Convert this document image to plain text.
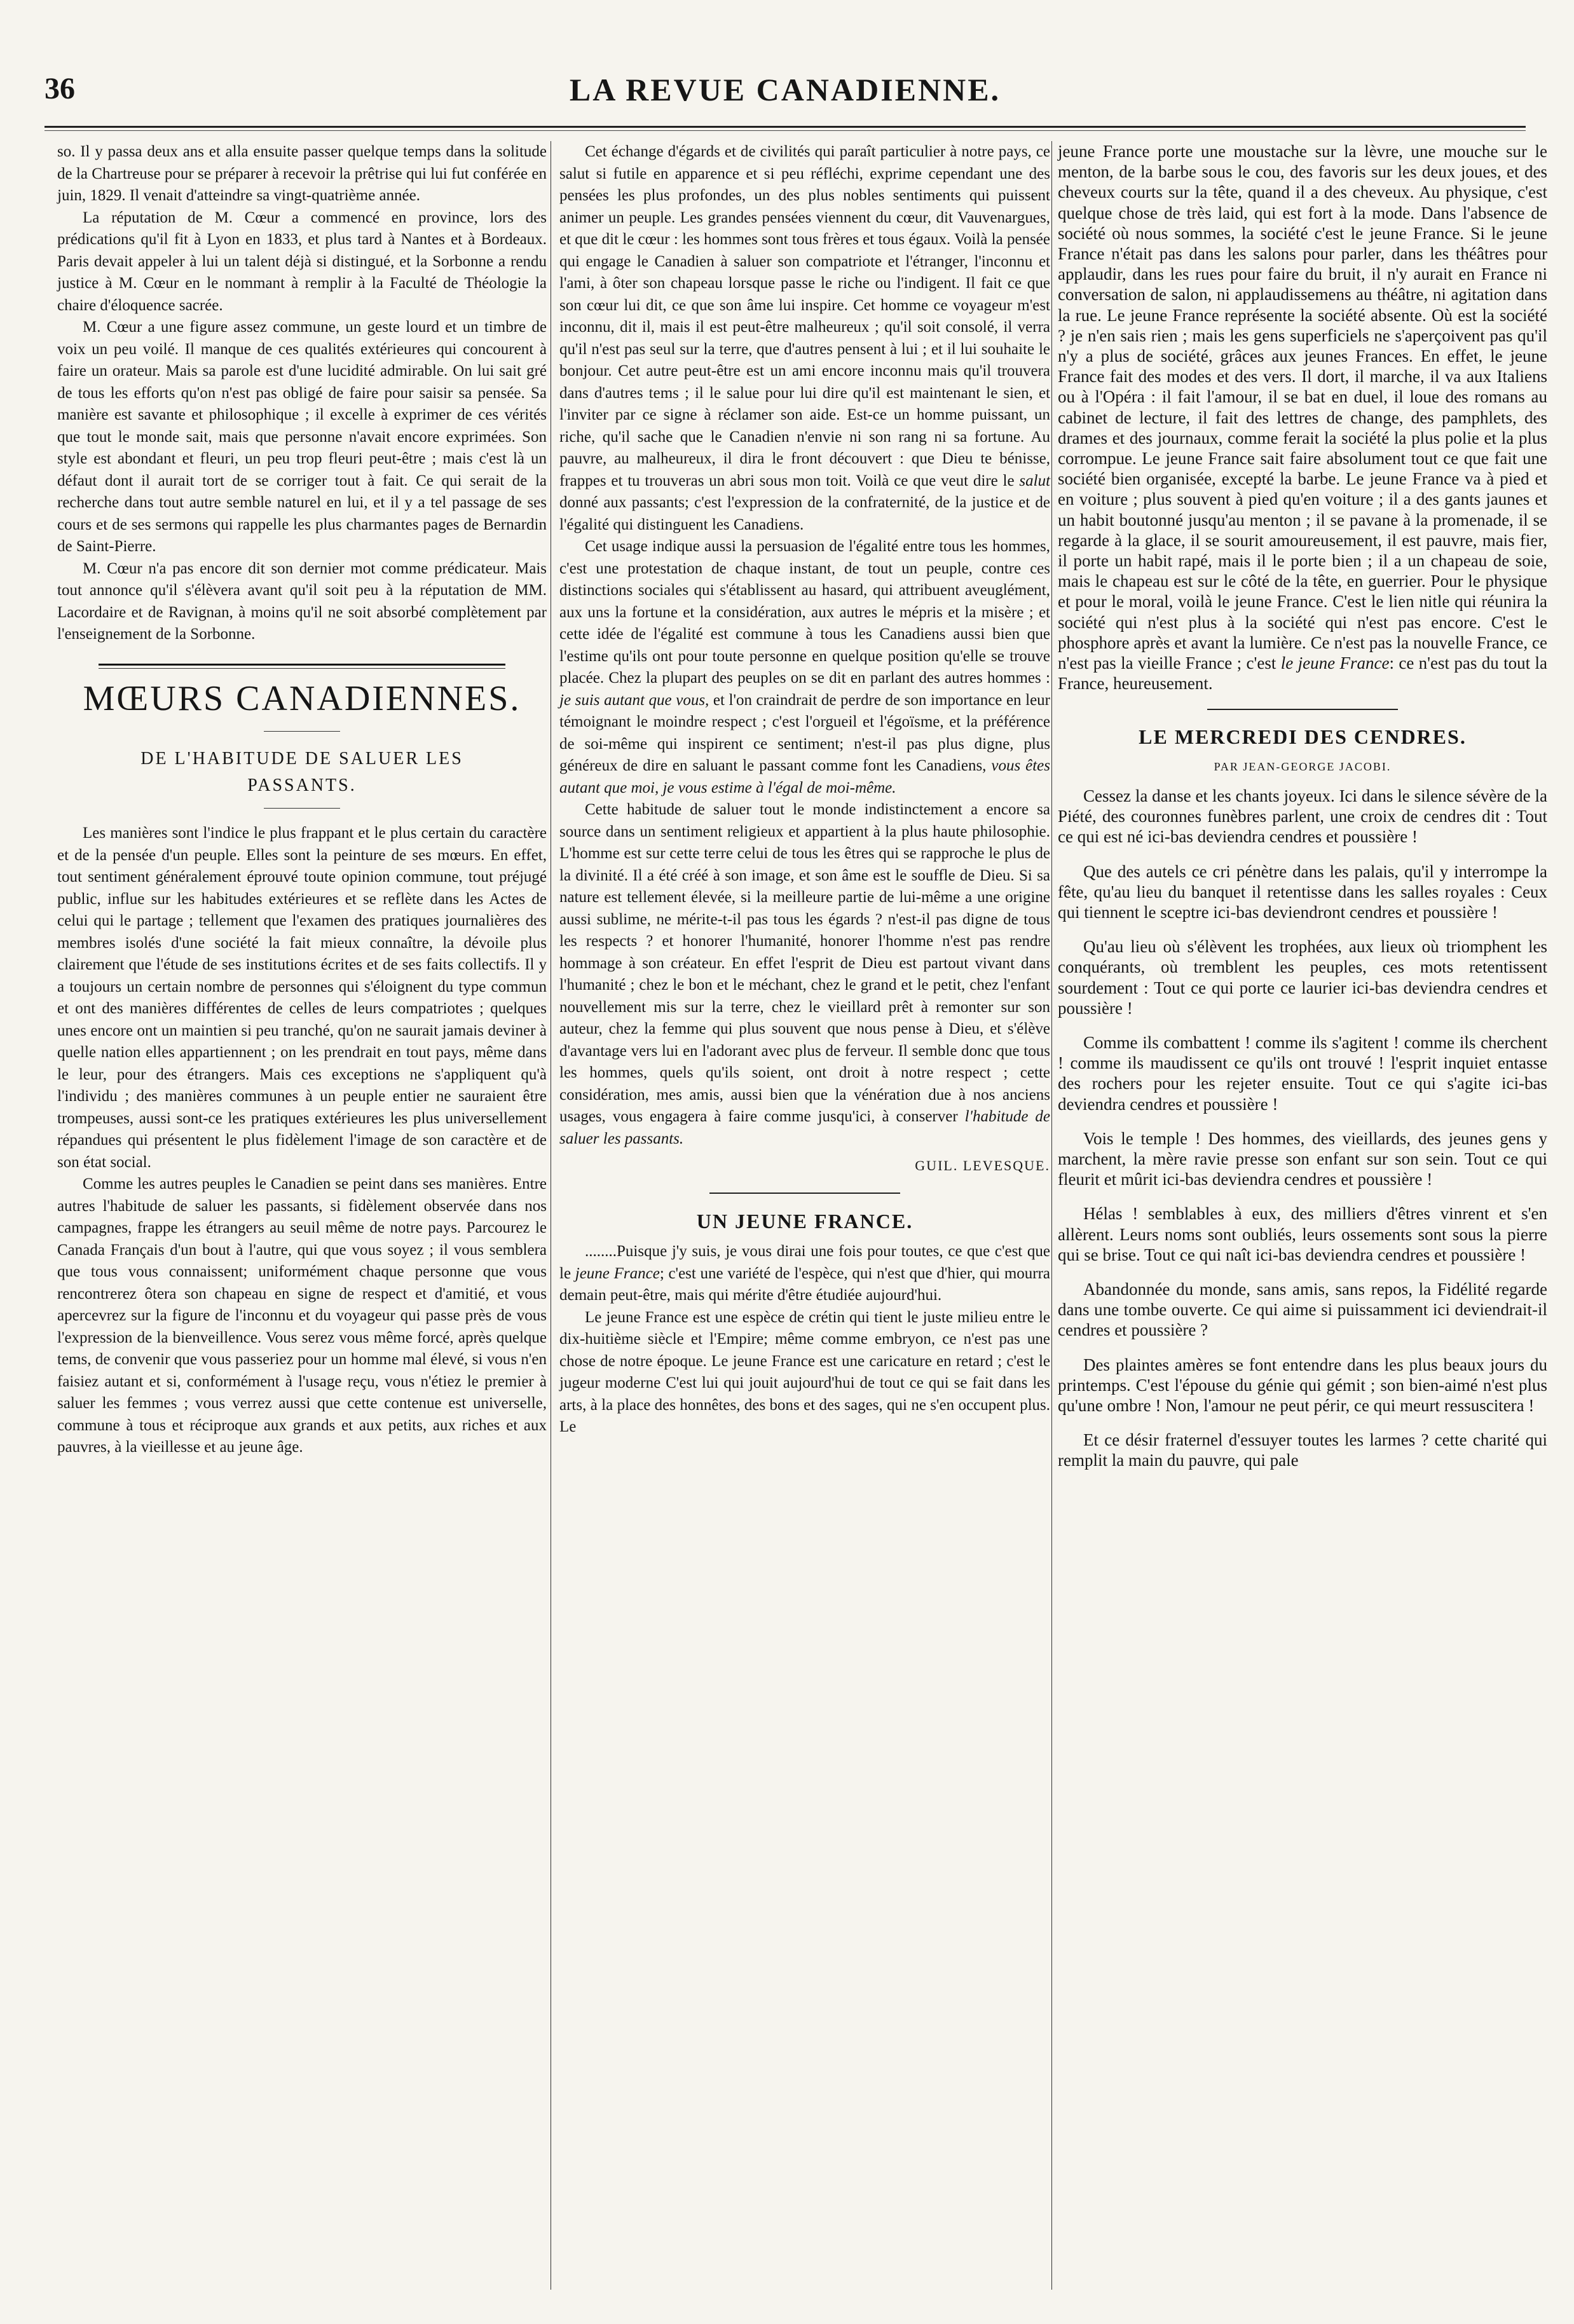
36	LA REVUE CANADIENNE.

so. Il y passa deux ans et alla ensuite passer quelque temps dans la solitude de la Chartreuse pour se préparer à recevoir la prêtrise qui lui fut conférée en juin, 1829. Il venait d'atteindre sa vingt-quatrième année.

La réputation de M. Cœur a commencé en province, lors des prédications qu'il fit à Lyon en 1833, et plus tard à Nantes et à Bordeaux. Paris devait appeler à lui un talent déjà si distingué, et la Sorbonne a rendu justice à M. Cœur en le nommant à remplir à la Faculté de Théologie la chaire d'éloquence sacrée.

M. Cœur a une figure assez commune, un geste lourd et un timbre de voix un peu voilé. Il manque de ces qualités extérieures qui concourent à faire un orateur. Mais sa parole est d'une lucidité admirable. On lui sait gré de tous les efforts qu'on n'est pas obligé de faire pour saisir sa pensée. Sa manière est savante et philosophique ; il excelle à exprimer de ces vérités que tout le monde sait, mais que personne n'avait encore exprimées. Son style est abondant et fleuri, un peu trop fleuri peut-être ; mais c'est là un défaut dont il aurait tort de se corriger tout à fait. Ce qui serait de la recherche dans tout autre semble naturel en lui, et il y a tel passage de ses cours et de ses sermons qui rappelle les plus charmantes pages de Bernardin de Saint-Pierre.

M. Cœur n'a pas encore dit son dernier mot comme prédicateur. Mais tout annonce qu'il s'élèvera avant qu'il soit peu à la réputation de MM. Lacordaire et de Ravignan, à moins qu'il ne soit absorbé complètement par l'enseignement de la Sorbonne.

MŒURS CANADIENNES.
DE L'HABITUDE DE SALUER LES
PASSANTS.

Les manières sont l'indice le plus frappant et le plus certain du caractère et de la pensée d'un peuple. Elles sont la peinture de ses mœurs. En effet, tout sentiment généralement éprouvé toute opinion commune, tout préjugé public, influe sur les habitudes extérieures et se reflète dans les Actes de celui qui le partage ; tellement que l'examen des pratiques journalières des membres isolés d'une société la fait mieux connaître, la dévoile plus clairement que l'étude de ses institutions écrites et de ses faits collectifs. Il y a toujours un certain nombre de personnes qui s'éloignent du type commun et ont des manières différentes de celles de leurs compatriotes ; quelques unes encore ont un maintien si peu tranché, qu'on ne saurait jamais deviner à quelle nation elles appartiennent ; on les prendrait en tout pays, même dans le leur, pour des étrangers. Mais ces exceptions ne s'appliquent qu'à l'individu ; des manières communes à un peuple entier ne sauraient être trompeuses, aussi sont-ce les pratiques extérieures les plus universellement répandues qui présentent le plus fidèlement l'image de son caractère et de son état social.

Comme les autres peuples le Canadien se peint dans ses manières. Entre autres l'habitude de saluer les passants, si fidèlement observée dans nos campagnes, frappe les étrangers au seuil même de notre pays. Parcourez le Canada Français d'un bout à l'autre, qui que vous soyez ; il vous semblera que tous vous connaissent; uniformément chaque personne que vous rencontrerez ôtera son chapeau en signe de respect et d'amitié, et vous apercevrez sur la figure de l'inconnu et du voyageur qui passe près de vous l'expression de la bienveillence. Vous serez vous même forcé, après quelque tems, de convenir que vous passeriez pour un homme mal élevé, si vous n'en faisiez autant et si, conformément à l'usage reçu, vous n'étiez le premier à saluer les femmes ; vous verrez aussi que cette contenue est universelle, commune à tous et réciproque aux grands et aux petits, aux riches et aux pauvres, à la vieillesse et au jeune âge.

Cet échange d'égards et de civilités qui paraît particulier à notre pays, ce salut si futile en apparence et si peu réfléchi, exprime cependant une des pensées les plus profondes, un des plus nobles sentiments qui puissent animer un peuple. Les grandes pensées viennent du cœur, dit Vauvenargues, et que dit le cœur : les hommes sont tous frères et tous égaux. Voilà la pensée qui engage le Canadien à saluer son compatriote et l'étranger, l'inconnu et l'ami, à ôter son chapeau lorsque passe le riche ou l'indigent. Il fait ce que son cœur lui dit, ce que son âme lui inspire. Cet homme ce voyageur m'est inconnu, dit il, mais il est peut-être malheureux ; qu'il soit consolé, il verra qu'il n'est pas seul sur la terre, que d'autres pensent à lui ; et il lui souhaite le bonjour. Cet autre peut-être est un ami encore inconnu mais qu'il trouvera dans d'autres tems ; il le salue pour lui dire qu'il est maintenant le sien, et l'inviter par ce signe à réclamer son aide. Est-ce un homme puissant, un riche, qu'il sache que le Canadien n'envie ni son rang ni sa fortune. Au pauvre, au malheureux, il dira le front découvert : que Dieu te bénisse, frappes et tu trouveras un abri sous mon toit. Voilà ce que veut dire le salut donné aux passants; c'est l'expression de la confraternité, de la justice et de l'égalité qui distinguent les Canadiens.

Cet usage indique aussi la persuasion de l'égalité entre tous les hommes, c'est une protestation de chaque instant, de tout un peuple, contre ces distinctions sociales qui s'établissent au hasard, qui attribuent aveuglément, aux uns la fortune et la considération, aux autres le mépris et la misère ; et cette idée de l'égalité est commune à tous les Canadiens aussi bien que l'estime qu'ils ont pour toute personne en quelque position qu'elle se trouve placée. Chez la plupart des peuples on se dit en parlant des autres hommes : je suis autant que vous, et l'on craindrait de perdre de son importance en leur témoignant le moindre respect ; c'est l'orgueil et l'égoïsme, et la préférence de soi-même qui inspirent ce sentiment; n'est-il pas plus digne, plus généreux de dire en saluant le passant comme font les Canadiens, vous êtes autant que moi, je vous estime à l'égal de moi-même.

Cette habitude de saluer tout le monde indistinctement a encore sa source dans un sentiment religieux et appartient à la plus haute philosophie. L'homme est sur cette terre celui de tous les êtres qui se rapproche le plus de la divinité. Il a été créé à son image, et son âme est le souffle de Dieu. Si sa nature est tellement élevée, si la meilleure partie de lui-même a une origine aussi sublime, ne mérite-t-il pas tous les égards ? n'est-il pas digne de tous les respects ? et honorer l'humanité, honorer l'homme n'est pas rendre hommage à son créateur. En effet l'esprit de Dieu est partout vivant dans l'humanité ; chez le bon et le méchant, chez le grand et le petit, chez l'enfant nouvellement mis sur la terre, chez le vieillard prêt à remonter sur son auteur, chez la femme qui plus souvent que nous pense à Dieu, et s'élève d'avantage vers lui en l'adorant avec plus de ferveur. Il semble donc que tous les hommes, quels qu'ils soient, ont droit à notre respect ; cette considération, mes amis, aussi bien que la vénération due à nos anciens usages, vous engagera à faire comme jusqu'ici, à conserver l'habitude de saluer les passants.

GUIL. LEVESQUE.
UN JEUNE FRANCE.

........Puisque j'y suis, je vous dirai une fois pour toutes, ce que c'est que le jeune France; c'est une variété de l'espèce, qui n'est que d'hier, qui mourra demain peut-être, mais qui mérite d'être étudiée aujourd'hui.

Le jeune France est une espèce de crétin qui tient le juste milieu entre le dix-huitième siècle et l'Empire; même comme embryon, ce n'est pas une chose de notre époque. Le jeune France est une caricature en retard ; c'est le jugeur moderne C'est lui qui jouit aujourd'hui de tout ce qui se fait dans les arts, à la place des honnêtes, des bons et des sages, qui ne s'en occupent plus. Le

jeune France porte une moustache sur la lèvre, une mouche sur le menton, de la barbe sous le cou, des favoris sur les deux joues, et des cheveux courts sur la tête, quand il a des cheveux. Au physique, c'est quelque chose de très laid, qui est fort à la mode. Dans l'absence de société où nous sommes, la société c'est le jeune France. Si le jeune France n'était pas dans les salons pour parler, dans les théâtres pour applaudir, dans les rues pour faire du bruit, il n'y aurait en France ni conversation de salon, ni applaudissemens au théâtre, ni agitation dans la rue. Le jeune France représente la société absente. Où est la société ? je n'en sais rien ; mais les gens superficiels ne s'aperçoivent pas qu'il n'y a plus de société, grâces aux jeunes Frances. En effet, le jeune France fait des modes et des vers. Il dort, il marche, il va aux Italiens ou à l'Opéra : il fait l'amour, il se bat en duel, il loue des romans au cabinet de lecture, il fait des lettres de change, des pamphlets, des drames et des journaux, comme ferait la société la plus polie et la plus corrompue. Le jeune France sait faire absolument tout ce que fait une société bien organisée, excepté la barbe. Le jeune France va à pied et en voiture ; plus souvent à pied qu'en voiture ; il a des gants jaunes et un habit boutonné jusqu'au menton ; il se pavane à la promenade, il se regarde à la glace, il se sourit amoureusement, il est pauvre, mais fier, il porte un habit rapé, mais il le porte bien ; il a un chapeau de soie, mais le chapeau est sur le côté de la tête, en guerrier. Pour le physique et pour le moral, voilà le jeune France. C'est le lien nitle qui réunira la société qui n'est plus à la société qui n'est pas encore. C'est le phosphore après et avant la lumière. Ce n'est pas la nouvelle France, ce n'est pas la vieille France ; c'est le jeune France: ce n'est pas du tout la France, heureusement.

LE MERCREDI DES CENDRES.
PAR JEAN-GEORGE JACOBI.

Cessez la danse et les chants joyeux. Ici dans le silence sévère de la Piété, des couronnes funèbres parlent, une croix de cendres dit : Tout ce qui est né ici-bas deviendra cendres et poussière !

Que des autels ce cri pénètre dans les palais, qu'il y interrompe la fête, qu'au lieu du banquet il retentisse dans les salles royales : Ceux qui tiennent le sceptre ici-bas deviendront cendres et poussière !

Qu'au lieu où s'élèvent les trophées, aux lieux où triomphent les conquérants, où tremblent les peuples, ces mots retentissent sourdement : Tout ce qui porte ce laurier ici-bas deviendra cendres et poussière !

Comme ils combattent ! comme ils s'agitent ! comme ils cherchent ! comme ils maudissent ce qu'ils ont trouvé ! l'esprit inquiet entasse des rochers pour les rejeter ensuite. Tout ce qui s'agite ici-bas deviendra cendres et poussière !

Vois le temple ! Des hommes, des vieillards, des jeunes gens y marchent, la mère ravie presse son enfant sur son sein. Tout ce qui fleurit et mûrit ici-bas deviendra cendres et poussière !

Hélas ! semblables à eux, des milliers d'êtres vinrent et s'en allèrent. Leurs noms sont oubliés, leurs ossements sont sous la pierre qui se brise. Tout ce qui naît ici-bas deviendra cendres et poussière !

Abandonnée du monde, sans amis, sans repos, la Fidélité regarde dans une tombe ouverte. Ce qui aime si puissamment ici deviendrait-il cendres et poussière ?

Des plaintes amères se font entendre dans les plus beaux jours du printemps. C'est l'épouse du génie qui gémit ; son bien-aimé n'est plus qu'une ombre ! Non, l'amour ne peut périr, ce qui meurt ressuscitera !

Et ce désir fraternel d'essuyer toutes les larmes ? cette charité qui remplit la main du pauvre, qui pale
